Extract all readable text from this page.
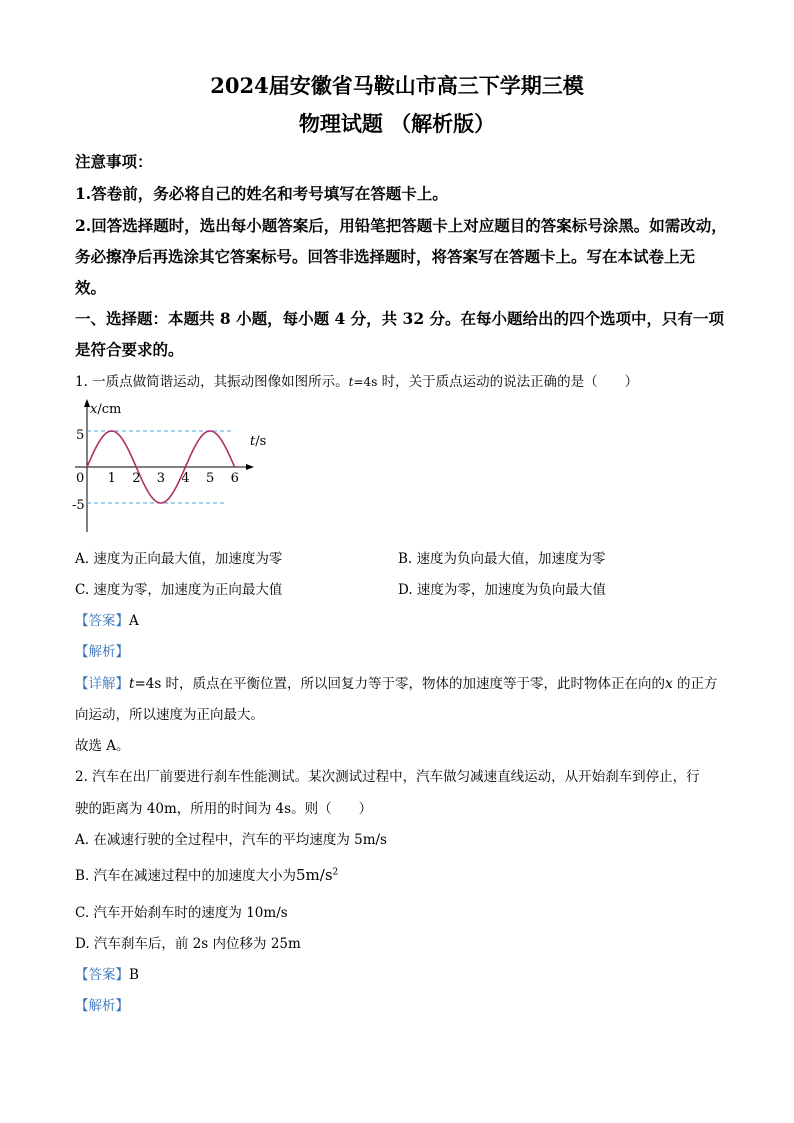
2024届安徽省马鞍山市高三下学期三模
物理试题 （解析版）
注意事项：
1.答卷前，务必将自己的姓名和考号填写在答题卡上。
2.回答选择题时，选出每小题答案后，用铅笔把答题卡上对应题目的答案标号涂黑。如需改动，
务必擦净后再选涂其它答案标号。回答非选择题时，将答案写在答题卡上。写在本试卷上无
效。
一、选择题：本题共 8 小题，每小题 4 分，共 32 分。在每小题给出的四个选项中，只有一项
是符合要求的。
1. 一质点做简谐运动，其振动图像如图所示。t=4s 时，关于质点运动的说法正确的是（　　）
x/cm
t/s
5
-5
0 1 2 3 4 5 6
A. 速度为正向最大值，加速度为零	B. 速度为负向最大值，加速度为零
C. 速度为零，加速度为正向最大值	D. 速度为零，加速度为负向最大值
【答案】A
【解析】
【详解】t=4s 时，质点在平衡位置，所以回复力等于零，物体的加速度等于零，此时物体正在向的x 的正方
向运动，所以速度为正向最大。
故选 A。
2. 汽车在出厂前要进行刹车性能测试。某次测试过程中，汽车做匀减速直线运动，从开始刹车到停止，行
驶的距离为 40m，所用的时间为 4s。则（　　）
A. 在减速行驶的全过程中，汽车的平均速度为 5m/s
B. 汽车在减速过程中的加速度大小为$5m/s^2$
C. 汽车开始刹车时的速度为 10m/s
D. 汽车刹车后，前 2s 内位移为 25m
【答案】B
【解析】
